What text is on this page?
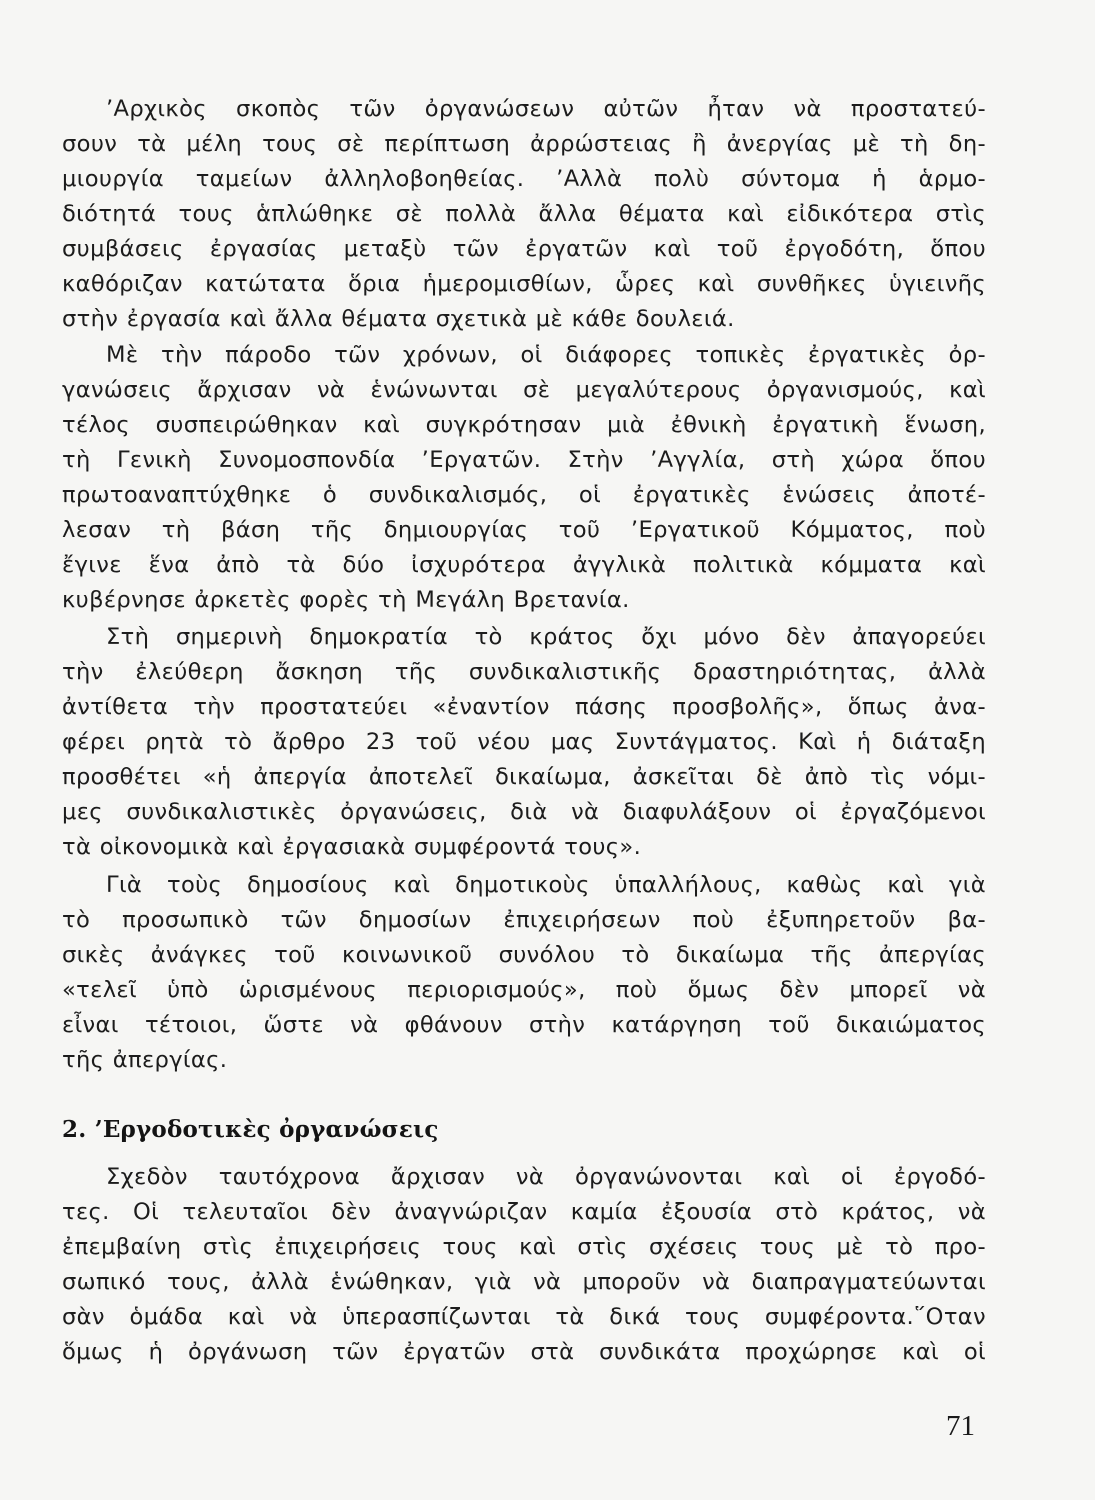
’Αρχικὸς σκοπὸς τῶν ὀργανώσεων αὐτῶν ἦταν νὰ προστατεύ-
σουν τὰ μέλη τους σὲ περίπτωση ἀρρώστειας ἢ ἀνεργίας μὲ τὴ δη-
μιουργία ταμείων ἀλληλοβοηθείας. ’Αλλὰ πολὺ σύντομα ἡ ἁρμο-
διότητά τους ἁπλώθηκε σὲ πολλὰ ἄλλα θέματα καὶ εἰδικότερα στὶς
συμβάσεις ἐργασίας μεταξὺ τῶν ἐργατῶν καὶ τοῦ ἐργοδότη, ὅπου
καθόριζαν κατώτατα ὅρια ἡμερομισθίων, ὧρες καὶ συνθῆκες ὑγιεινῆς
στὴν ἐργασία καὶ ἄλλα θέματα σχετικὰ μὲ κάθε δουλειά.
Μὲ τὴν πάροδο τῶν χρόνων, οἱ διάφορες τοπικὲς ἐργατικὲς ὀρ-
γανώσεις ἄρχισαν νὰ ἑνώνωνται σὲ μεγαλύτερους ὀργανισμούς, καὶ
τέλος συσπειρώθηκαν καὶ συγκρότησαν μιὰ ἐθνικὴ ἐργατικὴ ἕνωση,
τὴ Γενικὴ Συνομοσπονδία ’Εργατῶν. Στὴν ’Αγγλία, στὴ χώρα ὅπου
πρωτοαναπτύχθηκε ὁ συνδικαλισμός, οἱ ἐργατικὲς ἑνώσεις ἀποτέ-
λεσαν τὴ βάση τῆς δημιουργίας τοῦ ’Εργατικοῦ Κόμματος, ποὺ
ἔγινε ἕνα ἀπὸ τὰ δύο ἰσχυρότερα ἀγγλικὰ πολιτικὰ κόμματα καὶ
κυβέρνησε ἀρκετὲς φορὲς τὴ Μεγάλη Βρετανία.
Στὴ σημερινὴ δημοκρατία τὸ κράτος ὄχι μόνο δὲν ἀπαγορεύει
τὴν ἐλεύθερη ἄσκηση τῆς συνδικαλιστικῆς δραστηριότητας, ἀλλὰ
ἀντίθετα τὴν προστατεύει «ἐναντίον πάσης προσβολῆς», ὅπως ἀνα-
φέρει ρητὰ τὸ ἄρθρο 23 τοῦ νέου μας Συντάγματος. Καὶ ἡ διάταξη
προσθέτει «ἡ ἀπεργία ἀποτελεῖ δικαίωμα, ἀσκεῖται δὲ ἀπὸ τὶς νόμι-
μες συνδικαλιστικὲς ὀργανώσεις, διὰ νὰ διαφυλάξουν οἱ ἐργαζόμενοι
τὰ οἰκονομικὰ καὶ ἐργασιακὰ συμφέροντά τους».
Γιὰ τοὺς δημοσίους καὶ δημοτικοὺς ὑπαλλήλους, καθὼς καὶ γιὰ
τὸ προσωπικὸ τῶν δημοσίων ἐπιχειρήσεων ποὺ ἐξυπηρετοῦν βα-
σικὲς ἀνάγκες τοῦ κοινωνικοῦ συνόλου τὸ δικαίωμα τῆς ἀπεργίας
«τελεῖ ὑπὸ ὡρισμένους περιορισμούς», ποὺ ὅμως δὲν μπορεῖ νὰ
εἶναι τέτοιοι, ὥστε νὰ φθάνουν στὴν κατάργηση τοῦ δικαιώματος
τῆς ἀπεργίας.
Σχεδὸν ταυτόχρονα ἄρχισαν νὰ ὀργανώνονται καὶ οἱ ἐργοδό-
τες. Οἱ τελευταῖοι δὲν ἀναγνώριζαν καμία ἐξουσία στὸ κράτος, νὰ
ἐπεμβαίνη στὶς ἐπιχειρήσεις τους καὶ στὶς σχέσεις τους μὲ τὸ προ-
σωπικό τους, ἀλλὰ ἑνώθηκαν, γιὰ νὰ μποροῦν νὰ διαπραγματεύωνται
σὰν ὁμάδα καὶ νὰ ὑπερασπίζωνται τὰ δικά τους συμφέροντα.῞Οταν
ὅμως ἡ ὀργάνωση τῶν ἐργατῶν στὰ συνδικάτα προχώρησε καὶ οἱ
2. ’Εργοδοτικὲς ὀργανώσεις
71
